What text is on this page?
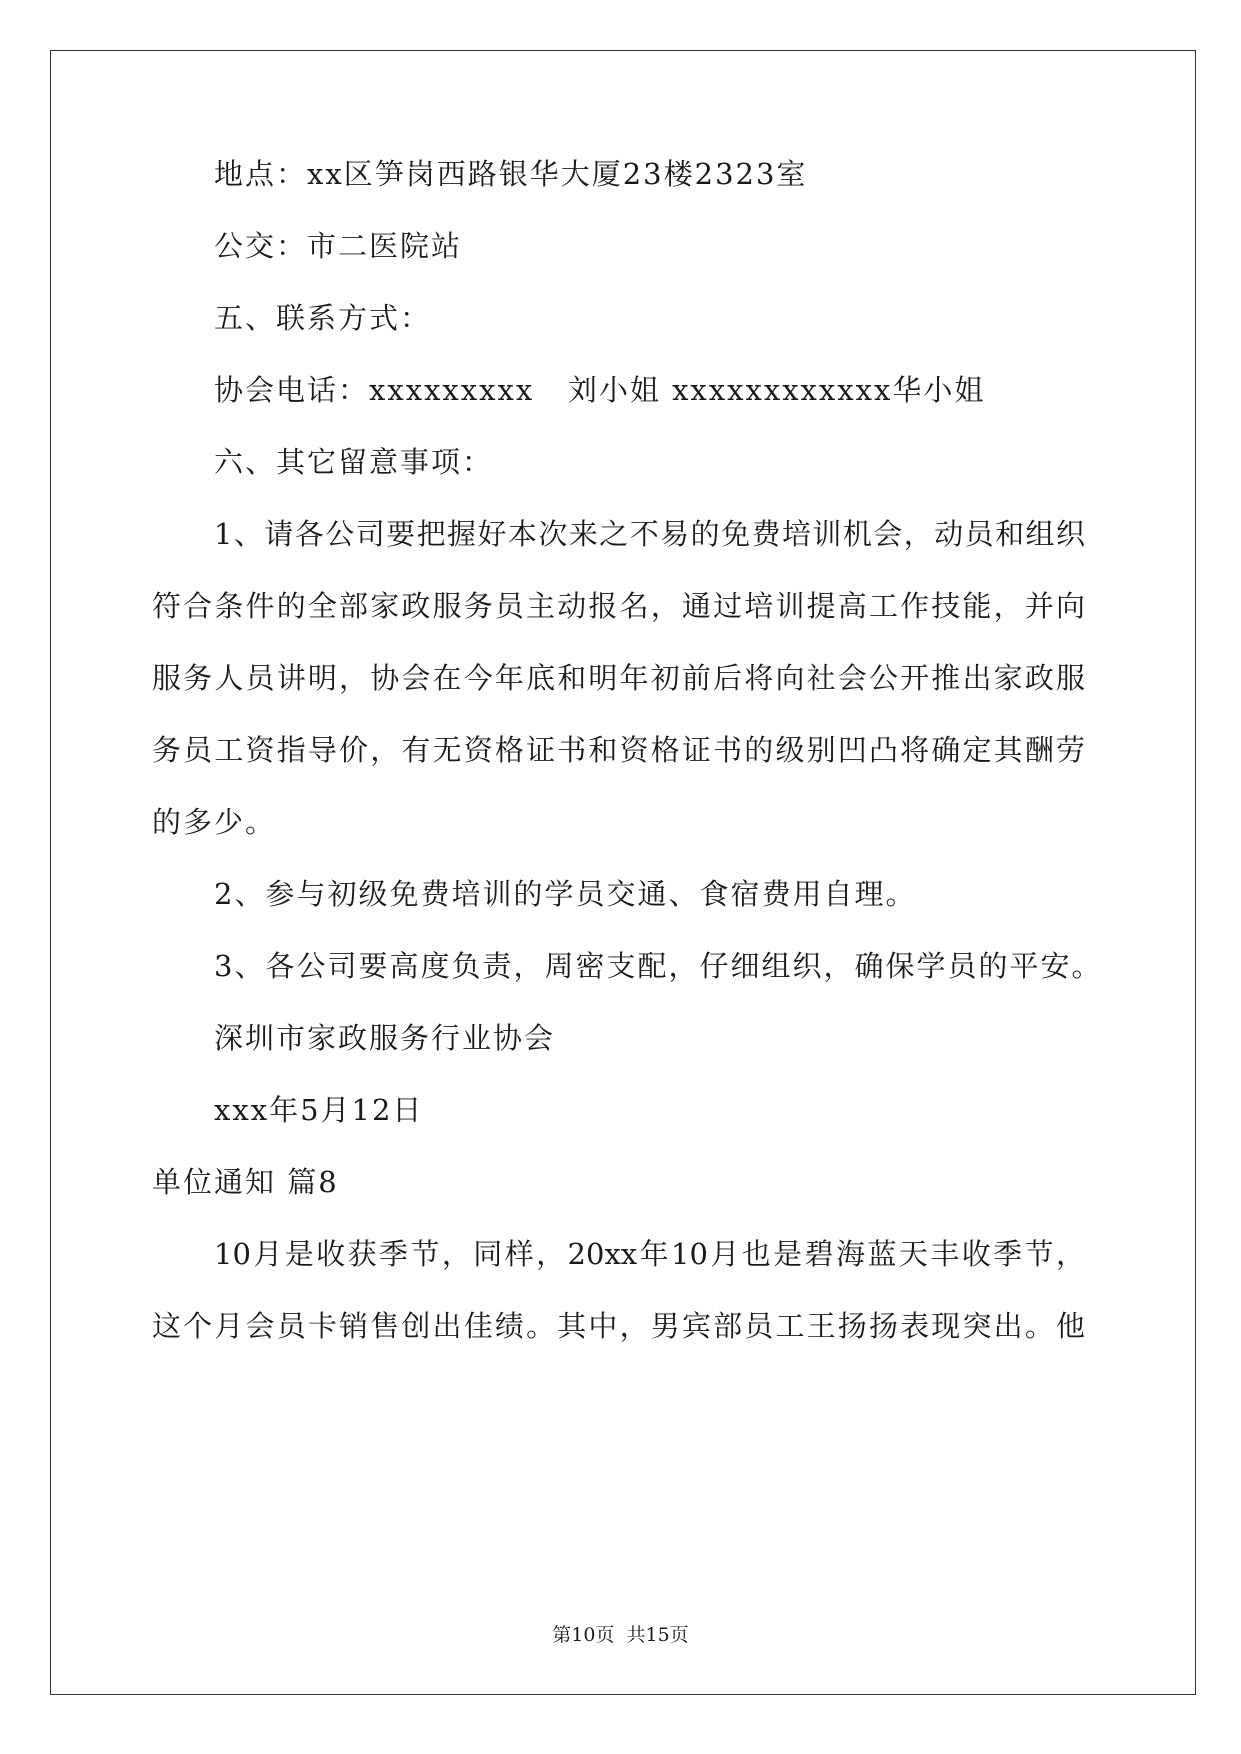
地点：xx区笋岗西路银华大厦23楼2323室
公交：市二医院站
五、联系方式：
协会电话：xxxxxxxxx   刘小姐 xxxxxxxxxxxx华小姐
六、其它留意事项：
1、请各公司要把握好本次来之不易的免费培训机会，动员和组织
符合条件的全部家政服务员主动报名，通过培训提高工作技能，并向
服务人员讲明，协会在今年底和明年初前后将向社会公开推出家政服
务员工资指导价，有无资格证书和资格证书的级别凹凸将确定其酬劳
的多少。
2、参与初级免费培训的学员交通、食宿费用自理。
3、各公司要高度负责，周密支配，仔细组织，确保学员的平安。
深圳市家政服务行业协会
xxx年5月12日
单位通知 篇8
10月是收获季节，同样，20xx年10月也是碧海蓝天丰收季节，
这个月会员卡销售创出佳绩。其中，男宾部员工王扬扬表现突出。他
第10页  共15页
